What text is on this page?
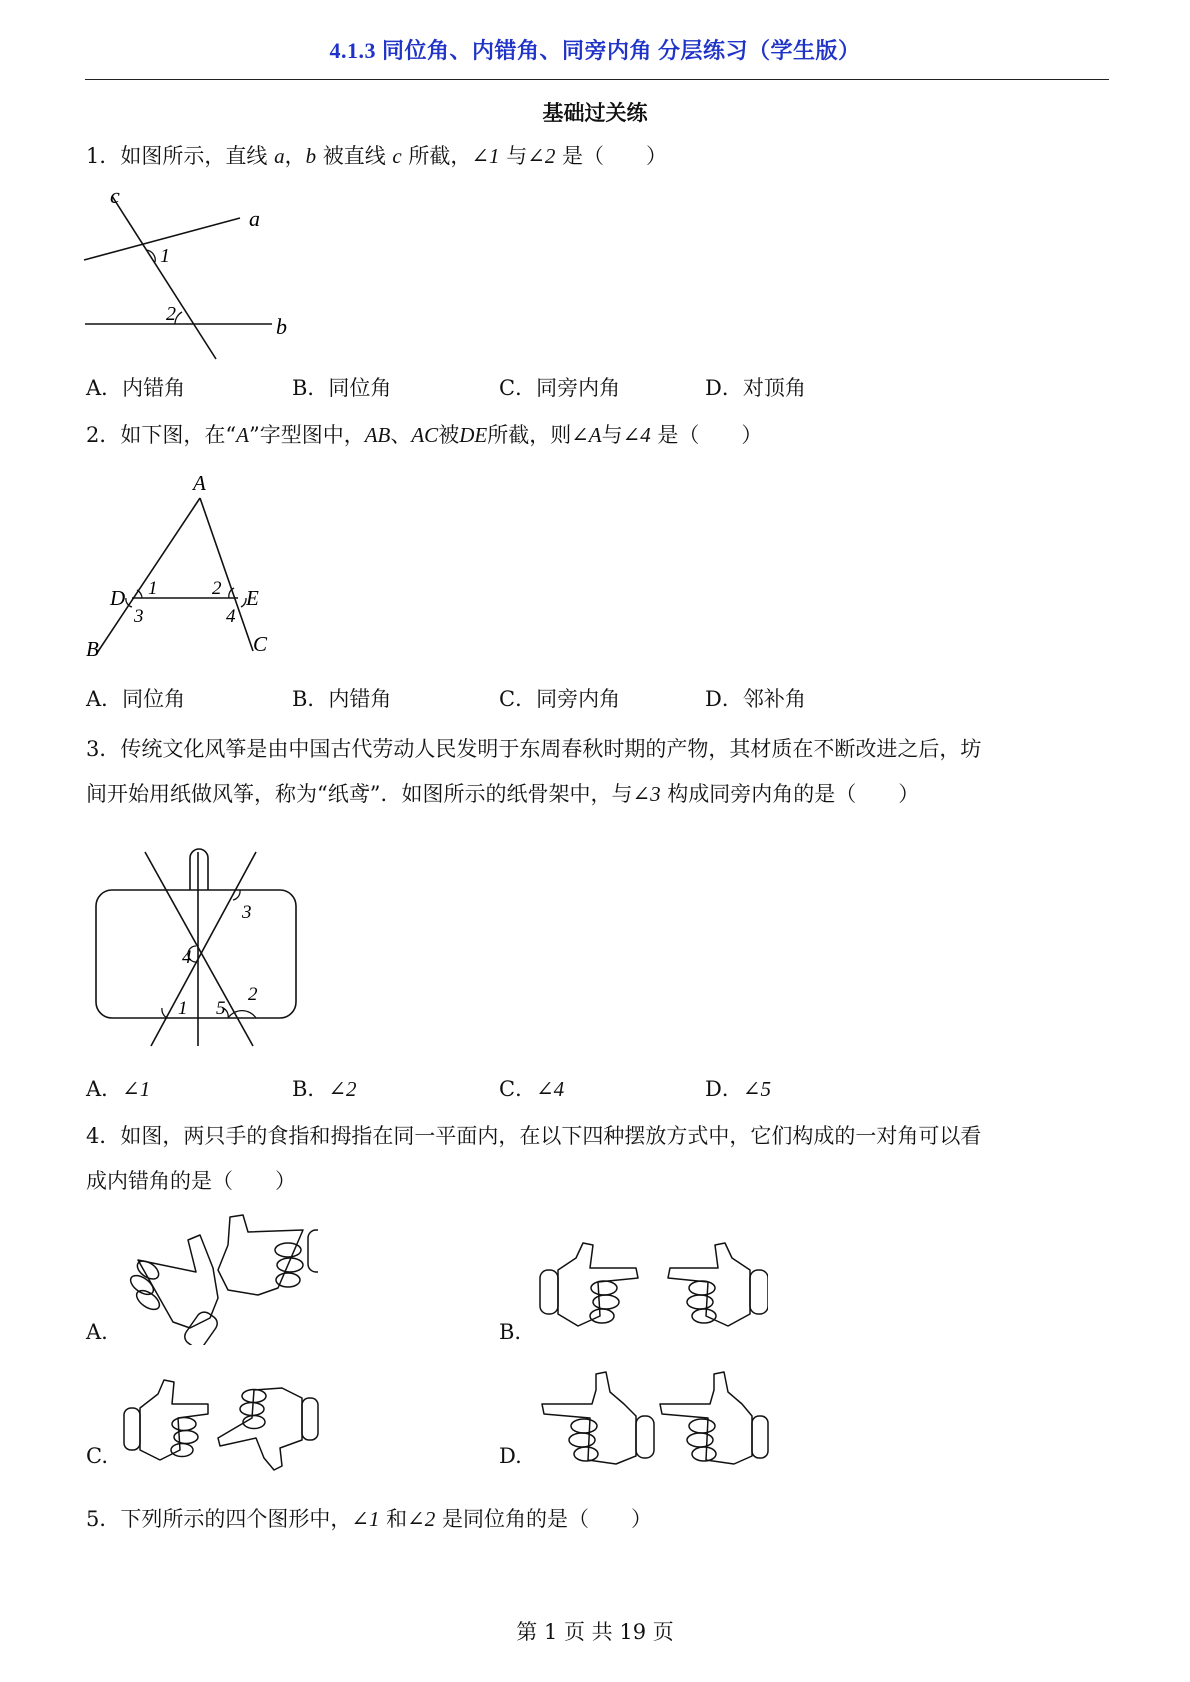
4.1.3 同位角、内错角、同旁内角 分层练习（学生版）
基础过关练
1．如图所示，直线 a，b 被直线 c 所截，∠1 与∠2 是（　　）
c
a
b
1
2
A．内错角	B．同位角	C．同旁内角	D．对顶角
2．如下图，在“A”字型图中，AB、AC被DE所截，则∠A与∠4 是（　　）
A
D	E
B	C
1	2
3	4
A．同位角	B．内错角	C．同旁内角	D．邻补角
3．传统文化风筝是由中国古代劳动人民发明于东周春秋时期的产物，其材质在不断改进之后，坊
间开始用纸做风筝，称为“纸鸢”．如图所示的纸骨架中，与∠3 构成同旁内角的是（　　）
3
4
1 5
2
A．∠1	B．∠2	C．∠4	D．∠5
4．如图，两只手的食指和拇指在同一平面内，在以下四种摆放方式中，它们构成的一对角可以看
成内错角的是（　　）
A.	B.
C.	D.
5．下列所示的四个图形中，∠1 和∠2 是同位角的是（　　）
第 1 页 共 19 页
